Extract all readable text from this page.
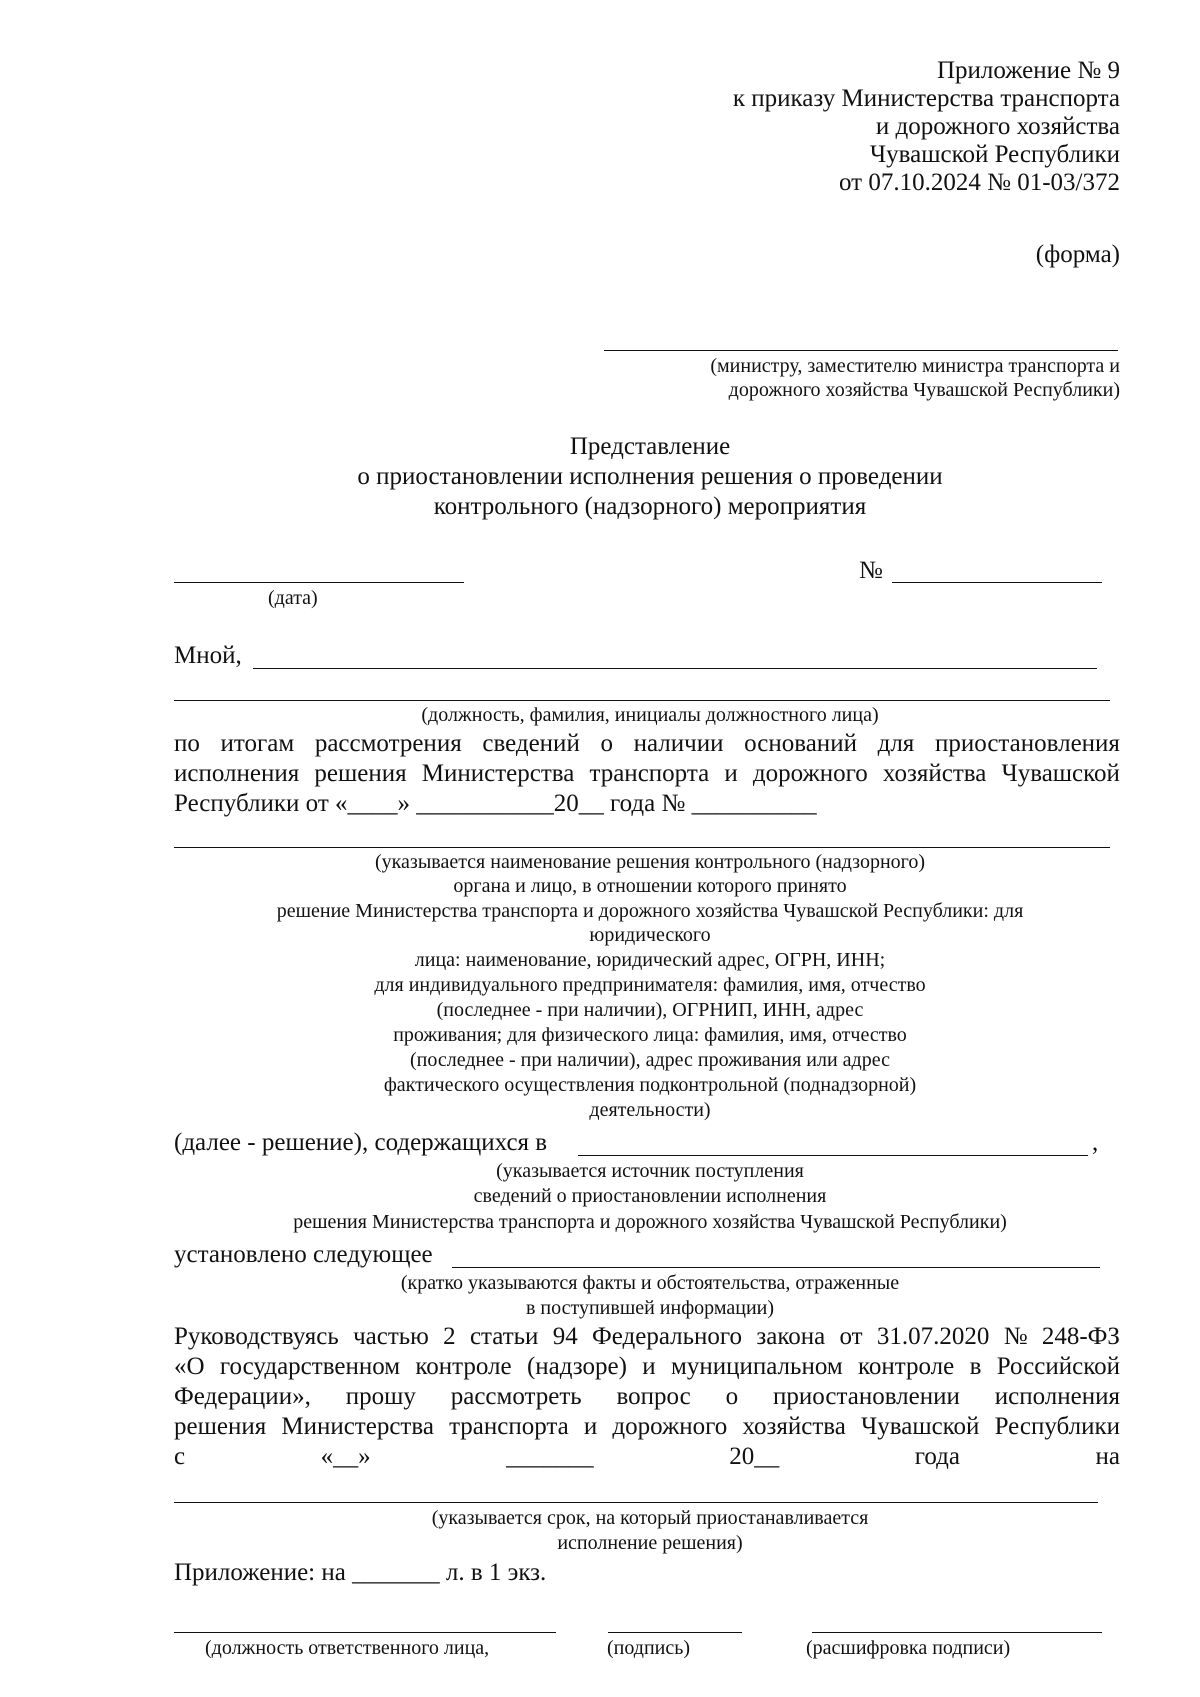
Приложение № 9
к приказу Министерства транспорта
и дорожного хозяйства
Чувашской Республики
от 07.10.2024 № 01-03/372
(форма)
(министру, заместителю министра транспорта и
дорожного хозяйства Чувашской Республики)
Представление
о приостановлении исполнения решения о проведении
контрольного (надзорного) мероприятия
(дата)
№
Мной,
(должность, фамилия, инициалы должностного лица)
по итогам рассмотрения сведений о наличии оснований для приостановления
исполнения решения Министерства транспорта и дорожного хозяйства Чувашской
Республики от «____» ___________20__ года № __________
(указывается наименование решения контрольного (надзорного)
органа и лицо, в отношении которого принято
решение Министерства транспорта и дорожного хозяйства Чувашской Республики: для
юридического
лица: наименование, юридический адрес, ОГРН, ИНН;
для индивидуального предпринимателя: фамилия, имя, отчество
(последнее - при наличии), ОГРНИП, ИНН, адрес
проживания; для физического лица: фамилия, имя, отчество
(последнее - при наличии), адрес проживания или адрес
фактического осуществления подконтрольной (поднадзорной)
деятельности)
(далее - решение), содержащихся в	,
(указывается источник поступления
сведений о приостановлении исполнения
решения Министерства транспорта и дорожного хозяйства Чувашской Республики)
установлено следующее
(кратко указываются факты и обстоятельства, отраженные
в поступившей информации)
Руководствуясь частью 2 статьи 94 Федерального закона от 31.07.2020 № 248-ФЗ
«О государственном контроле (надзоре) и муниципальном контроле в Российской
Федерации», прошу рассмотреть вопрос о приостановлении исполнения
решения Министерства транспорта и дорожного хозяйства Чувашской Республики
с	«__»	_______	20__	года	на
(указывается срок, на который приостанавливается
исполнение решения)
Приложение: на _______ л. в 1 экз.
(должность ответственного лица,	(подпись)	(расшифровка подписи)
